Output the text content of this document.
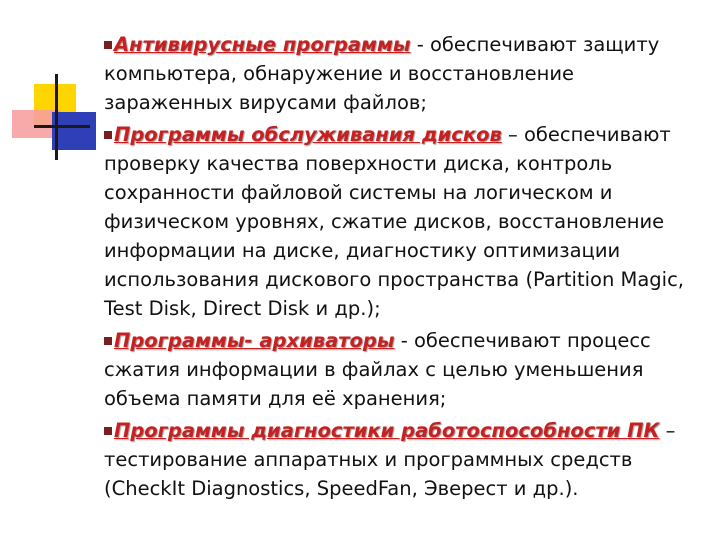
Антивирусные программы - обеспечивают защиту компьютера, обнаружение и восстановление зараженных вирусами файлов;
Программы обслуживания дисков – обеспечивают проверку качества поверхности диска, контроль сохранности файловой системы на логическом и физическом уровнях, сжатие дисков, восстановление информации на диске, диагностику оптимизации использования дискового пространства (Partition Magic, Test Disk, Direct Disk и др.);
Программы- архиваторы - обеспечивают процесс сжатия информации в файлах с целью уменьшения объема памяти для её хранения;
Программы диагностики работоспособности ПК – тестирование аппаратных и программных средств (CheckIt Diagnostics, SpeedFan, Эверест и др.).
